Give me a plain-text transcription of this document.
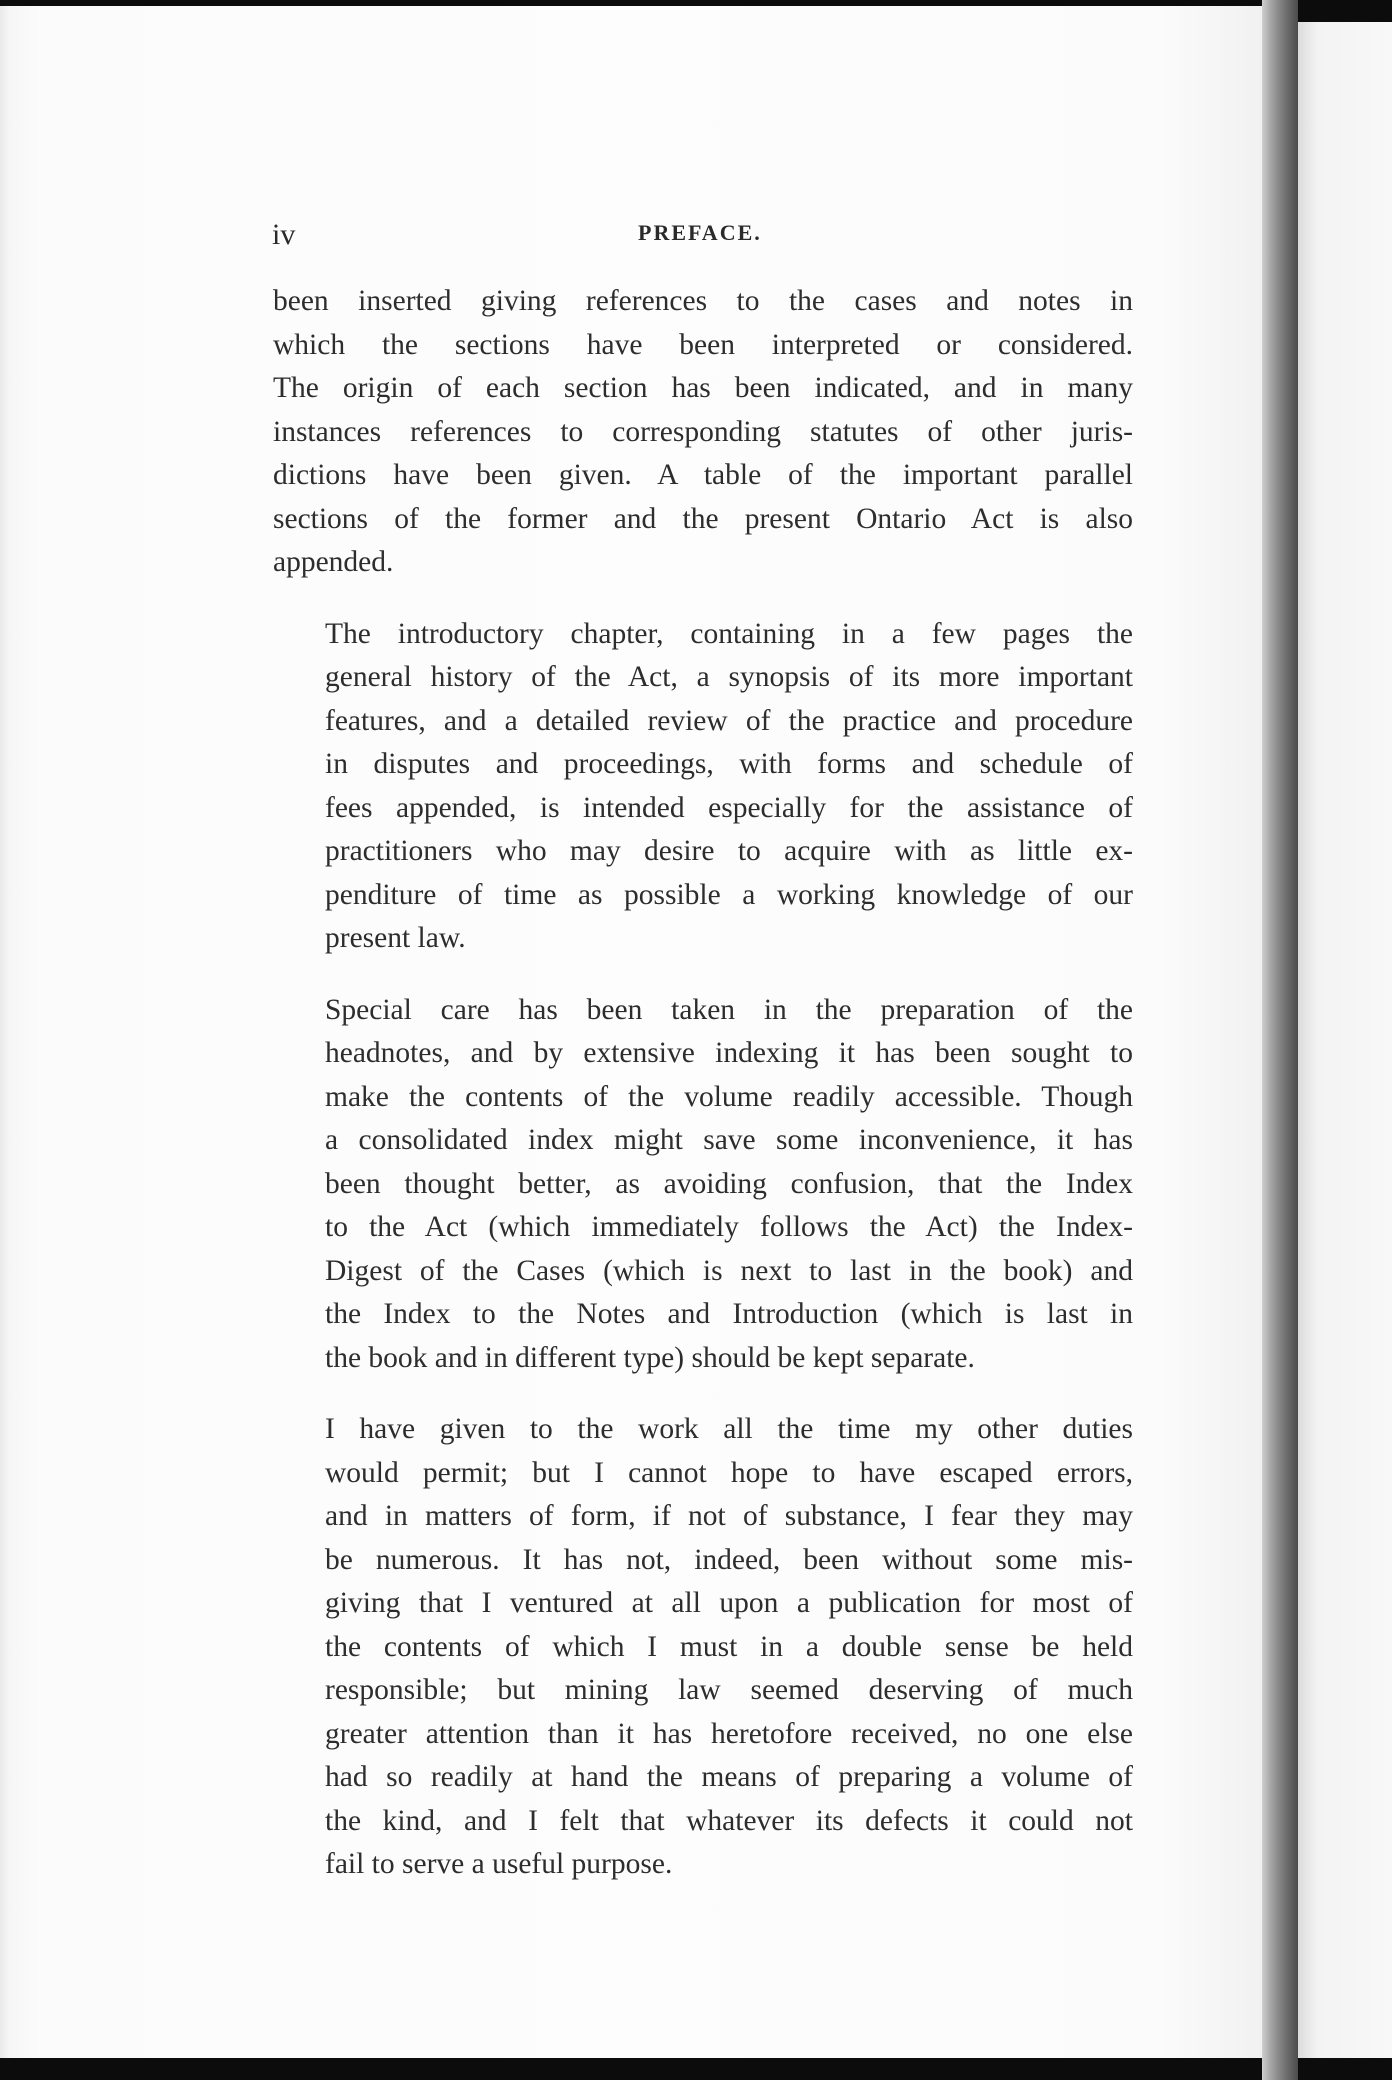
iv	PREFACE.

been inserted giving references to the cases and notes in
which the sections have been interpreted or considered.
The origin of each section has been indicated, and in many
instances references to corresponding statutes of other juris-
dictions have been given. A table of the important parallel
sections of the former and the present Ontario Act is also
appended.

The introductory chapter, containing in a few pages the
general history of the Act, a synopsis of its more important
features, and a detailed review of the practice and procedure
in disputes and proceedings, with forms and schedule of
fees appended, is intended especially for the assistance of
practitioners who may desire to acquire with as little ex-
penditure of time as possible a working knowledge of our
present law.

Special care has been taken in the preparation of the
headnotes, and by extensive indexing it has been sought to
make the contents of the volume readily accessible. Though
a consolidated index might save some inconvenience, it has
been thought better, as avoiding confusion, that the Index
to the Act (which immediately follows the Act) the Index-
Digest of the Cases (which is next to last in the book) and
the Index to the Notes and Introduction (which is last in
the book and in different type) should be kept separate.

I have given to the work all the time my other duties
would permit; but I cannot hope to have escaped errors,
and in matters of form, if not of substance, I fear they may
be numerous. It has not, indeed, been without some mis-
giving that I ventured at all upon a publication for most of
the contents of which I must in a double sense be held
responsible; but mining law seemed deserving of much
greater attention than it has heretofore received, no one else
had so readily at hand the means of preparing a volume of
the kind, and I felt that whatever its defects it could not
fail to serve a useful purpose.
